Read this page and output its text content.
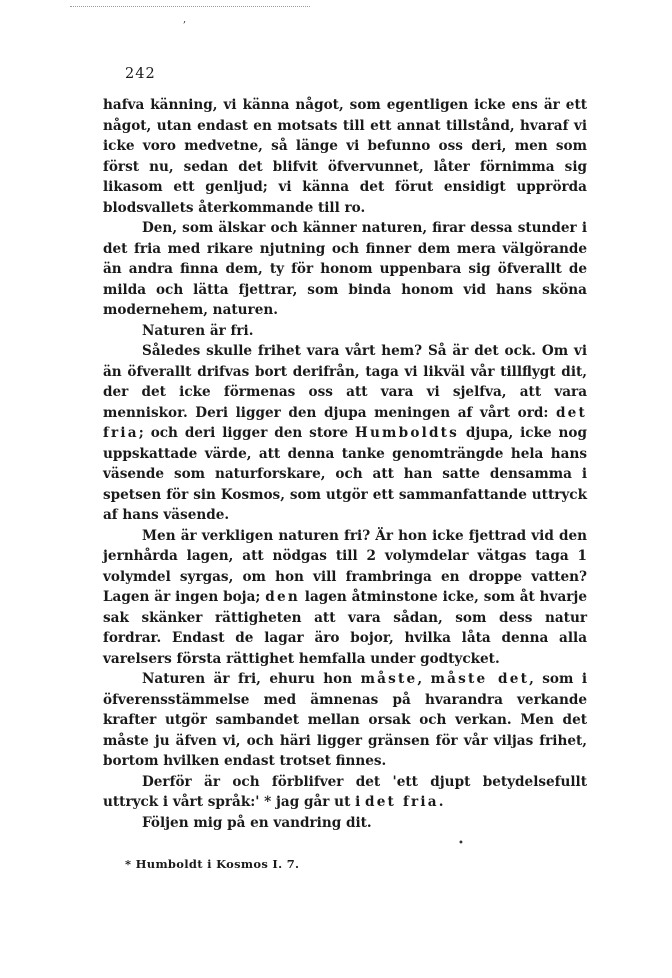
242

hafva känning, vi känna något, som egentligen icke ens är ett något, utan endast en motsats till ett annat tillstånd, hvaraf vi icke voro medvetne, så länge vi befunno oss deri, men som först nu, sedan det blifvit öfvervunnet, låter förnimma sig likasom ett genljud; vi känna det förut ensidigt upprörda blodsvallets återkommande till ro.

Den, som älskar och känner naturen, firar dessa stunder i det fria med rikare njutning och finner dem mera välgörande än andra finna dem, ty för honom uppenbara sig öfverallt de milda och lätta fjettrar, som binda honom vid hans sköna modernehem, naturen.

Naturen är fri.

Således skulle frihet vara vårt hem? Så är det ock. Om vi än öfverallt drifvas bort derifrån, taga vi likväl vår tillflygt dit, der det icke förmenas oss att vara vi sjelfva, att vara menniskor. Deri ligger den djupa meningen af vårt ord: det fria; och deri ligger den store Humboldts djupa, icke nog uppskattade värde, att denna tanke genomträngde hela hans väsende som naturforskare, och att han satte densamma i spetsen för sin Kosmos, som utgör ett sammanfattande uttryck af hans väsende.

Men är verkligen naturen fri? Är hon icke fjettrad vid den jernhårda lagen, att nödgas till 2 volymdelar vätgas taga 1 volymdel syrgas, om hon vill frambringa en droppe vatten? Lagen är ingen boja; den lagen åtminstone icke, som åt hvarje sak skänker rättigheten att vara sådan, som dess natur fordrar. Endast de lagar äro bojor, hvilka låta denna alla varelsers första rättighet hemfalla under godtycket.

Naturen är fri, ehuru hon måste, måste det, som i öfverensstämmelse med ämnenas på hvarandra verkande krafter utgör sambandet mellan orsak och verkan. Men det måste ju äfven vi, och häri ligger gränsen för vår viljas frihet, bortom hvilken endast trotset finnes.

Derför är och förblifver det 'ett djupt betydelsefullt uttryck i vårt språk:' * jag går ut i det fria.

Följen mig på en vandring dit.

* Humboldt i Kosmos I. 7.
,
•
